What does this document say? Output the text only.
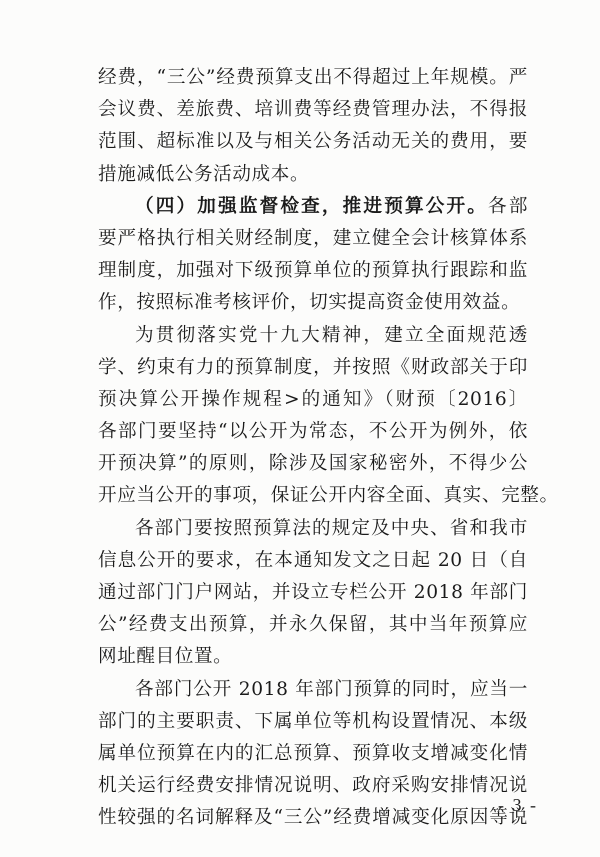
经费，“三公”经费预算支出不得超过上年规模。严
会议费、差旅费、培训费等经费管理办法，不得报
范围、超标准以及与相关公务活动无关的费用，要
措施减低公务活动成本。
（四）加强监督检查，推进预算公开。各部
要严格执行相关财经制度，建立健全会计核算体系
理制度，加强对下级预算单位的预算执行跟踪和监
作，按照标准考核评价，切实提高资金使用效益。
为贯彻落实党十九大精神，建立全面规范透
学、约束有力的预算制度，并按照《财政部关于印
预决算公开操作规程>的通知》（财预〔2016〕
各部门要坚持“以公开为常态，不公开为例外，依
开预决算”的原则，除涉及国家秘密外，不得少公
开应当公开的事项，保证公开内容全面、真实、完整。
各部门要按照预算法的规定及中央、省和我市
信息公开的要求，在本通知发文之日起 20 日（自
通过部门门户网站，并设立专栏公开 2018 年部门
公”经费支出预算，并永久保留，其中当年预算应
网址醒目位置。
各部门公开 2018 年部门预算的同时，应当一
部门的主要职责、下属单位等机构设置情况、本级
属单位预算在内的汇总预算、预算收支增减变化情
机关运行经费安排情况说明、政府采购安排情况说
性较强的名词解释及“三公”经费增减变化原因等说
- 3 -
